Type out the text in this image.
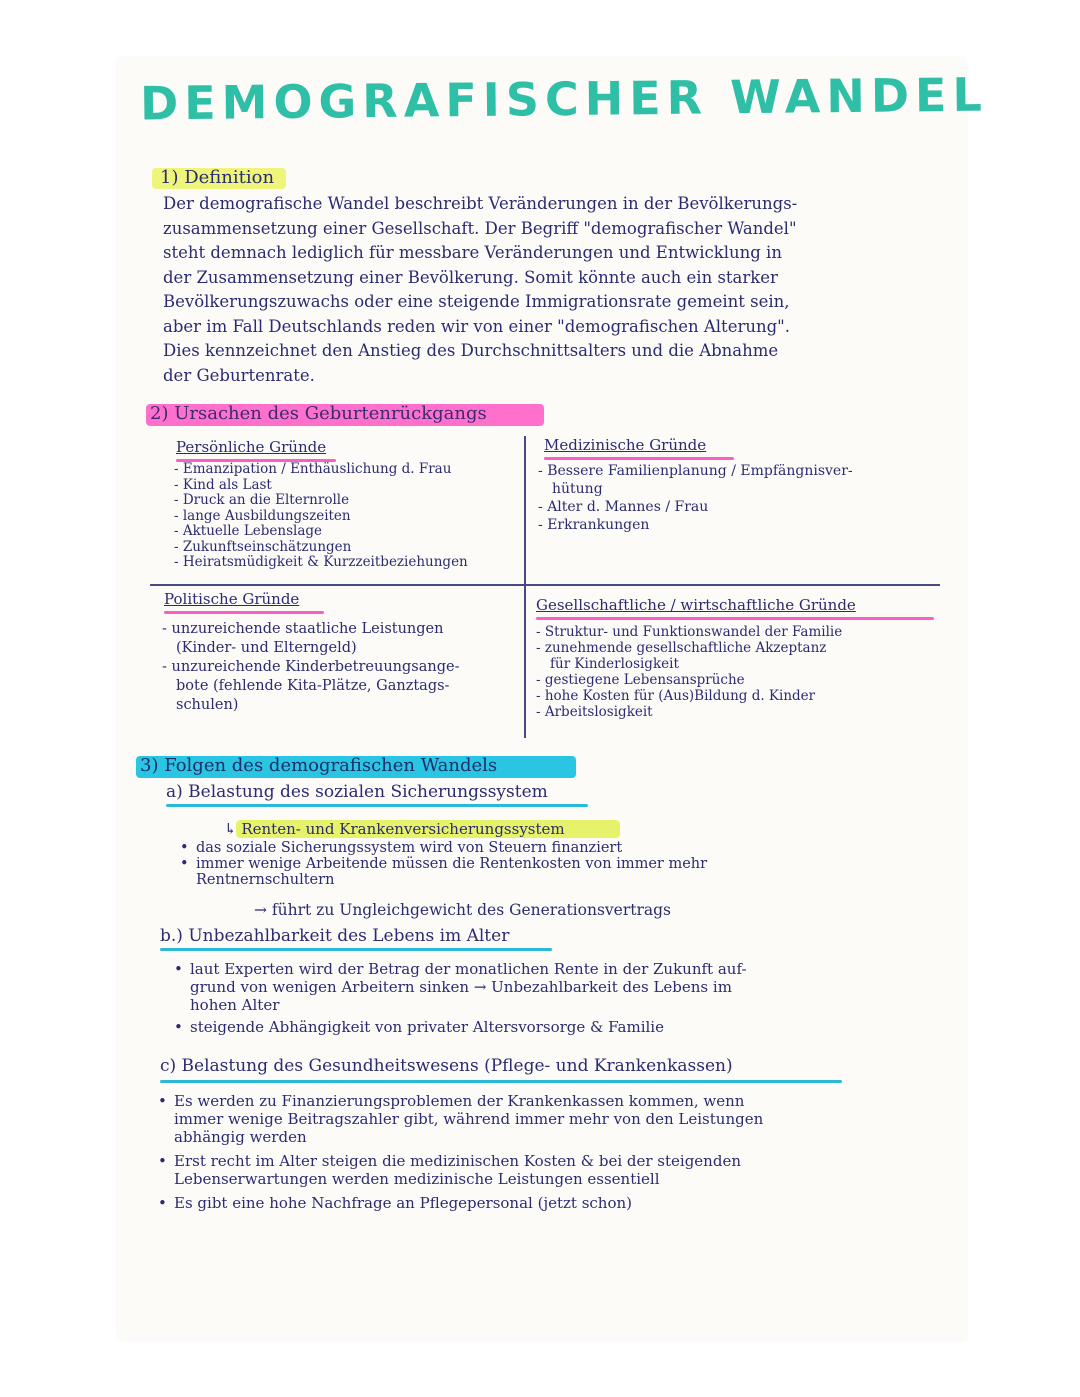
DEMOGRAFISCHER WANDEL
1) Definition
Der demografische Wandel beschreibt Veränderungen in der Bevölkerungs-
zusammensetzung einer Gesellschaft. Der Begriff "demografischer Wandel"
steht demnach lediglich für messbare Veränderungen und Entwicklung in
der Zusammensetzung einer Bevölkerung. Somit könnte auch ein starker
Bevölkerungszuwachs oder eine steigende Immigrationsrate gemeint sein,
aber im Fall Deutschlands reden wir von einer "demografischen Alterung".
Dies kennzeichnet den Anstieg des Durchschnittsalters und die Abnahme
der Geburtenrate.
2) Ursachen des Geburtenrückgangs
Persönliche Gründe
- Emanzipation / Enthäuslichung d. Frau
- Kind als Last
- Druck an die Elternrolle
- lange Ausbildungszeiten
- Aktuelle Lebenslage
- Zukunftseinschätzungen
- Heiratsmüdigkeit & Kurzzeitbeziehungen
Medizinische Gründe
- Bessere Familienplanung / Empfängnisver-
hütung
- Alter d. Mannes / Frau
- Erkrankungen
Politische Gründe
- unzureichende staatliche Leistungen
(Kinder- und Elterngeld)
- unzureichende Kinderbetreuungsange-
bote (fehlende Kita-Plätze, Ganztags-
schulen)
Gesellschaftliche / wirtschaftliche Gründe
- Struktur- und Funktionswandel der Familie
- zunehmende gesellschaftliche Akzeptanz
für Kinderlosigkeit
- gestiegene Lebensansprüche
- hohe Kosten für (Aus)Bildung d. Kinder
- Arbeitslosigkeit
3) Folgen des demografischen Wandels
a) Belastung des sozialen Sicherungssystem
↳ Renten- und Krankenversicherungssystem
• das soziale Sicherungssystem wird von Steuern finanziert
• immer wenige Arbeitende müssen die Rentenkosten von immer mehr
Rentnernschultern
→ führt zu Ungleichgewicht des Generationsvertrags
b.) Unbezahlbarkeit des Lebens im Alter
• laut Experten wird der Betrag der monatlichen Rente in der Zukunft auf-
grund von wenigen Arbeitern sinken → Unbezahlbarkeit des Lebens im
hohen Alter
• steigende Abhängigkeit von privater Altersvorsorge & Familie
c) Belastung des Gesundheitswesens (Pflege- und Krankenkassen)
• Es werden zu Finanzierungsproblemen der Krankenkassen kommen, wenn
immer wenige Beitragszahler gibt, während immer mehr von den Leistungen
abhängig werden
• Erst recht im Alter steigen die medizinischen Kosten & bei der steigenden
Lebenserwartungen werden medizinische Leistungen essentiell
• Es gibt eine hohe Nachfrage an Pflegepersonal (jetzt schon)
